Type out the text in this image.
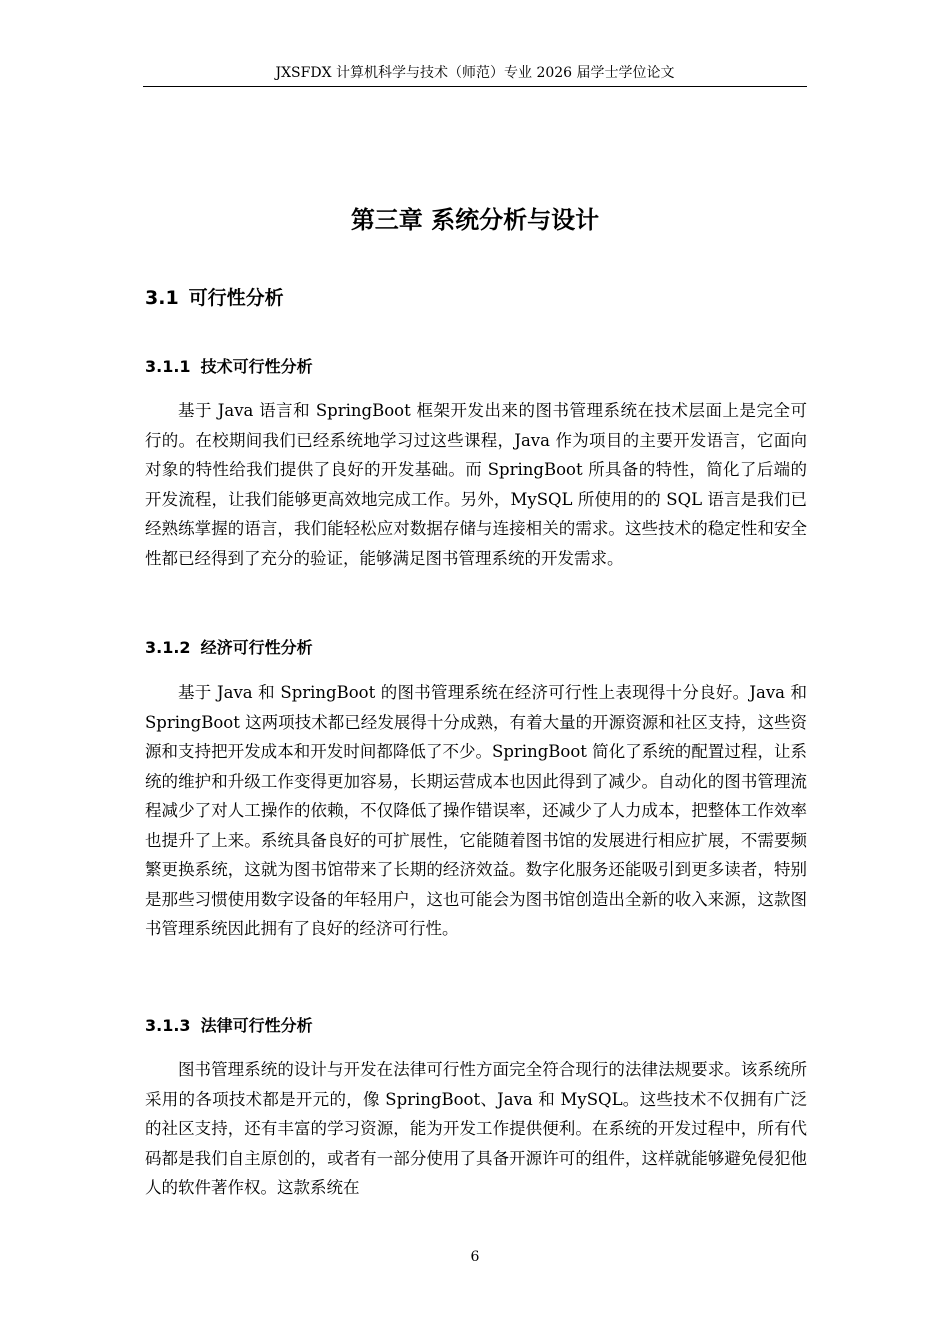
JXSFDX 计算机科学与技术（师范）专业 2026 届学士学位论文
第三章 系统分析与设计
3.1 可行性分析
3.1.1 技术可行性分析

基于 Java 语言和 SpringBoot 框架开发出来的图书管理系统在技术层面上是完全可行的。在校期间我们已经系统地学习过这些课程，Java 作为项目的主要开发语言，它面向对象的特性给我们提供了良好的开发基础。而 SpringBoot 所具备的特性，简化了后端的开发流程，让我们能够更高效地完成工作。另外，MySQL 所使用的的 SQL 语言是我们已经熟练掌握的语言，我们能轻松应对数据存储与连接相关的需求。这些技术的稳定性和安全性都已经得到了充分的验证，能够满足图书管理系统的开发需求。

3.1.2 经济可行性分析

基于 Java 和 SpringBoot 的图书管理系统在经济可行性上表现得十分良好。Java 和 SpringBoot 这两项技术都已经发展得十分成熟，有着大量的开源资源和社区支持，这些资源和支持把开发成本和开发时间都降低了不少。SpringBoot 简化了系统的配置过程，让系统的维护和升级工作变得更加容易，长期运营成本也因此得到了减少。自动化的图书管理流程减少了对人工操作的依赖，不仅降低了操作错误率，还减少了人力成本，把整体工作效率也提升了上来。系统具备良好的可扩展性，它能随着图书馆的发展进行相应扩展，不需要频繁更换系统，这就为图书馆带来了长期的经济效益。数字化服务还能吸引到更多读者，特别是那些习惯使用数字设备的年轻用户，这也可能会为图书馆创造出全新的收入来源，这款图书管理系统因此拥有了良好的经济可行性。

3.1.3 法律可行性分析

图书管理系统的设计与开发在法律可行性方面完全符合现行的法律法规要求。该系统所采用的各项技术都是开元的，像 SpringBoot、Java 和 MySQL。这些技术不仅拥有广泛的社区支持，还有丰富的学习资源，能为开发工作提供便利。在系统的开发过程中，所有代码都是我们自主原创的，或者有一部分使用了具备开源许可的组件，这样就能够避免侵犯他人的软件著作权。这款系统在

6
